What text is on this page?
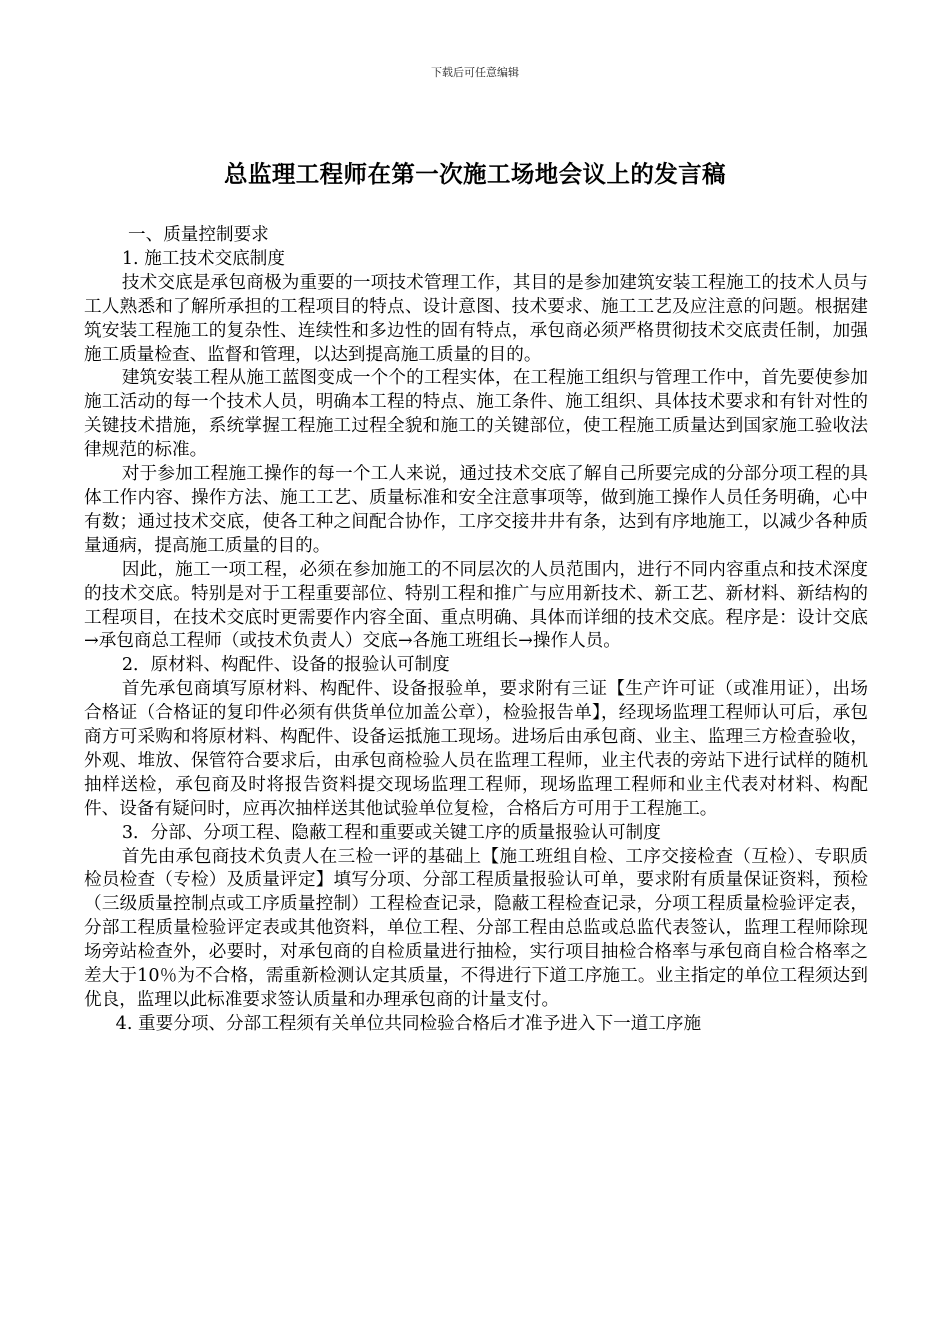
下载后可任意编辑
总监理工程师在第一次施工场地会议上的发言稿

一、质量控制要求

1. 施工技术交底制度

技术交底是承包商极为重要的一项技术管理工作，其目的是参加建筑安装工程施工的技术人员与工人熟悉和了解所承担的工程项目的特点、设计意图、技术要求、施工工艺及应注意的问题。根据建筑安装工程施工的复杂性、连续性和多边性的固有特点，承包商必须严格贯彻技术交底责任制，加强施工质量检查、监督和管理，以达到提高施工质量的目的。

建筑安装工程从施工蓝图变成一个个的工程实体，在工程施工组织与管理工作中，首先要使参加施工活动的每一个技术人员，明确本工程的特点、施工条件、施工组织、具体技术要求和有针对性的关键技术措施，系统掌握工程施工过程全貌和施工的关键部位，使工程施工质量达到国家施工验收法律规范的标准。

对于参加工程施工操作的每一个工人来说，通过技术交底了解自己所要完成的分部分项工程的具体工作内容、操作方法、施工工艺、质量标准和安全注意事项等，做到施工操作人员任务明确，心中有数；通过技术交底，使各工种之间配合协作，工序交接井井有条，达到有序地施工，以减少各种质量通病，提高施工质量的目的。

因此，施工一项工程，必须在参加施工的不同层次的人员范围内，进行不同内容重点和技术深度的技术交底。特别是对于工程重要部位、特别工程和推广与应用新技术、新工艺、新材料、新结构的工程项目，在技术交底时更需要作内容全面、重点明确、具体而详细的技术交底。程序是：设计交底→承包商总工程师（或技术负责人）交底→各施工班组长→操作人员。

2．原材料、构配件、设备的报验认可制度

首先承包商填写原材料、构配件、设备报验单，要求附有三证【生产许可证（或准用证），出场合格证（合格证的复印件必须有供货单位加盖公章），检验报告单】，经现场监理工程师认可后，承包商方可采购和将原材料、构配件、设备运抵施工现场。进场后由承包商、业主、监理三方检查验收，外观、堆放、保管符合要求后，由承包商检验人员在监理工程师，业主代表的旁站下进行试样的随机抽样送检，承包商及时将报告资料提交现场监理工程师，现场监理工程师和业主代表对材料、构配件、设备有疑问时，应再次抽样送其他试验单位复检，合格后方可用于工程施工。

3．分部、分项工程、隐蔽工程和重要或关键工序的质量报验认可制度

首先由承包商技术负责人在三检一评的基础上【施工班组自检、工序交接检查（互检）、专职质检员检查（专检）及质量评定】填写分项、分部工程质量报验认可单，要求附有质量保证资料，预检（三级质量控制点或工序质量控制）工程检查记录，隐蔽工程检查记录，分项工程质量检验评定表，分部工程质量检验评定表或其他资料，单位工程、分部工程由总监或总监代表签认，监理工程师除现场旁站检查外，必要时，对承包商的自检质量进行抽检，实行项目抽检合格率与承包商自检合格率之差大于10％为不合格，需重新检测认定其质量，不得进行下道工序施工。业主指定的单位工程须达到优良，监理以此标准要求签认质量和办理承包商的计量支付。

4. 重要分项、分部工程须有关单位共同检验合格后才准予进入下一道工序施
